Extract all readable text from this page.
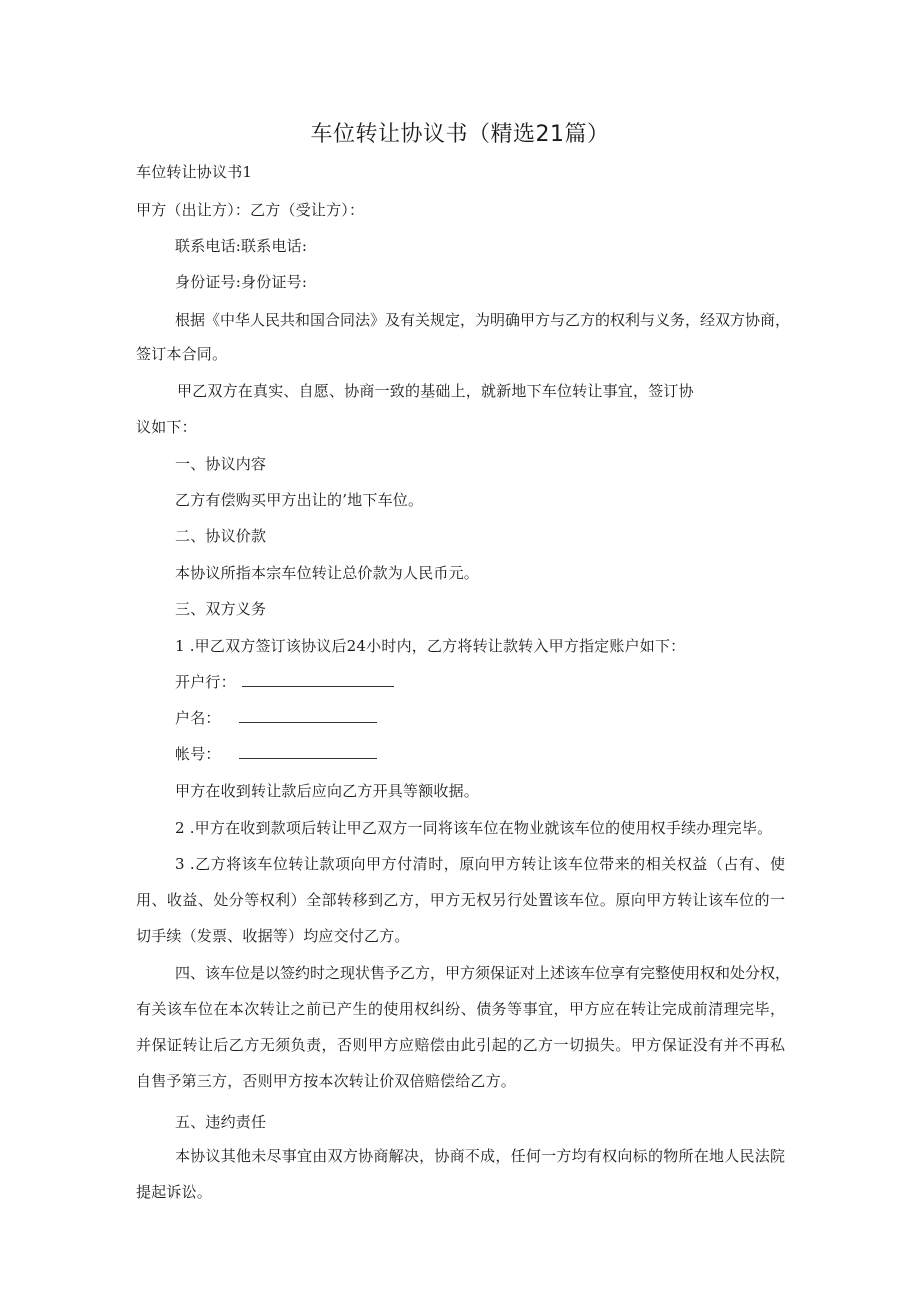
车位转让协议书（精选21篇）
车位转让协议书1
甲方（出让方）：乙方（受让方）：
联系电话:联系电话:
身份证号:身份证号:
根据《中华人民共和国合同法》及有关规定，为明确甲方与乙方的权利与义务，经双方协商，
签订本合同。
甲乙双方在真实、自愿、协商一致的基础上，就新地下车位转让事宜，签订协
议如下：
一、协议内容
乙方有偿购买甲方出让的’地下车位。
二、协议价款
本协议所指本宗车位转让总价款为人民币元。
三、双方义务
1 .甲乙双方签订该协议后24小时内，乙方将转让款转入甲方指定账户如下：
开户行：
户名：
帐号：
甲方在收到转让款后应向乙方开具等额收据。
2 .甲方在收到款项后转让甲乙双方一同将该车位在物业就该车位的使用权手续办理完毕。
3 .乙方将该车位转让款项向甲方付清时，原向甲方转让该车位带来的相关权益（占有、使
用、收益、处分等权利）全部转移到乙方，甲方无权另行处置该车位。原向甲方转让该车位的一
切手续（发票、收据等）均应交付乙方。
四、该车位是以签约时之现状售予乙方，甲方须保证对上述该车位享有完整使用权和处分权，
有关该车位在本次转让之前已产生的使用权纠纷、债务等事宜，甲方应在转让完成前清理完毕，
并保证转让后乙方无须负责，否则甲方应赔偿由此引起的乙方一切损失。甲方保证没有并不再私
自售予第三方，否则甲方按本次转让价双倍赔偿给乙方。
五、违约责任
本协议其他未尽事宜由双方协商解决，协商不成，任何一方均有权向标的物所在地人民法院
提起诉讼。
